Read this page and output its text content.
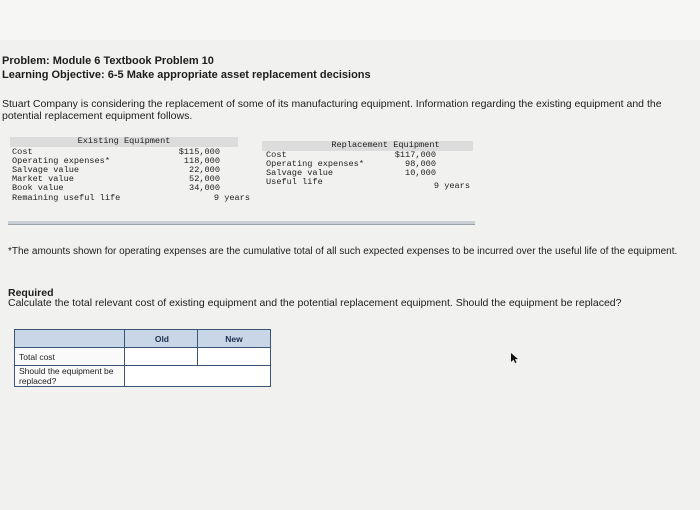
Problem: Module 6 Textbook Problem 10
Learning Objective: 6-5 Make appropriate asset replacement decisions
Stuart Company is considering the replacement of some of its manufacturing equipment. Information regarding the existing equipment and the potential replacement equipment follows.
Existing Equipment
Cost	$115,000
Operating expenses*	118,000
Salvage value	22,000
Market value	52,000
Book value	34,000
Remaining useful life	9 years
Replacement Equipment
Cost	$117,000
Operating expenses*	98,000
Salvage value	10,000
Useful life	9 years
*The amounts shown for operating expenses are the cumulative total of all such expected expenses to be incurred over the useful life of the equipment.
Required
Calculate the total relevant cost of existing equipment and the potential replacement equipment. Should the equipment be replaced?
	Old	New
Total cost	

Should the equipment be replaced?		
